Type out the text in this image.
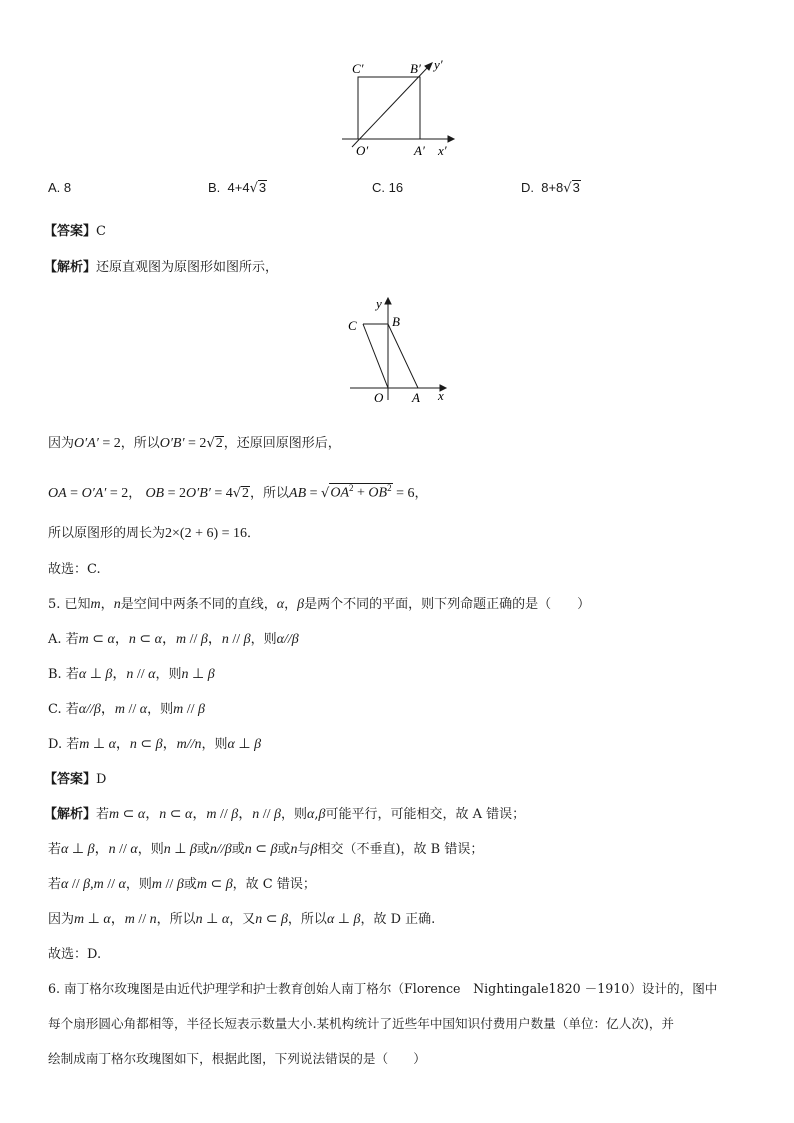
C′	B′ y′
O′	A′ x′
A. 8	B. 4+4√3	C. 16	D. 8+8√3
【答案】C
【解析】还原直观图为原图形如图所示，
y
C	B
O A x
因为O′A′ = 2，所以O′B′ = 2√2，还原回原图形后，
OA = O′A′ = 2， OB = 2O′B′ = 4√2，所以AB = $√OA^2 + OB^2 = 6$，
所以原图形的周长为2×(2 + 6) = 16．
故选：C.
5. 已知m，n是空间中两条不同的直线，α，β是两个不同的平面，则下列命题正确的是（　　）
A. 若m ⊂ α，n ⊂ α，m // β，n // β，则α//β
B. 若α ⊥ β，n // α，则n ⊥ β
C. 若α//β，m // α，则m // β
D. 若m ⊥ α，n ⊂ β，m//n，则α ⊥ β
【答案】D
【解析】若m ⊂ α，n ⊂ α，m // β，n // β，则α,β可能平行，可能相交，故 A 错误；
若α ⊥ β，n // α，则n ⊥ β或n//β或n ⊂ β或n与β相交（不垂直)，故 B 错误；
若α // β,m // α，则m // β或m ⊂ β，故 C 错误；
因为m ⊥ α，m // n，所以n ⊥ α，又n ⊂ β，所以α ⊥ β，故 D 正确.
故选：D.
6. 南丁格尔玫瑰图是由近代护理学和护士教育创始人南丁格尔（Florence　Nightingale1820 －1910）设计的，图中
每个扇形圆心角都相等，半径长短表示数量大小.某机构统计了近些年中国知识付费用户数量（单位：亿人次)，并
绘制成南丁格尔玫瑰图如下，根据此图，下列说法错误的是（　　）
